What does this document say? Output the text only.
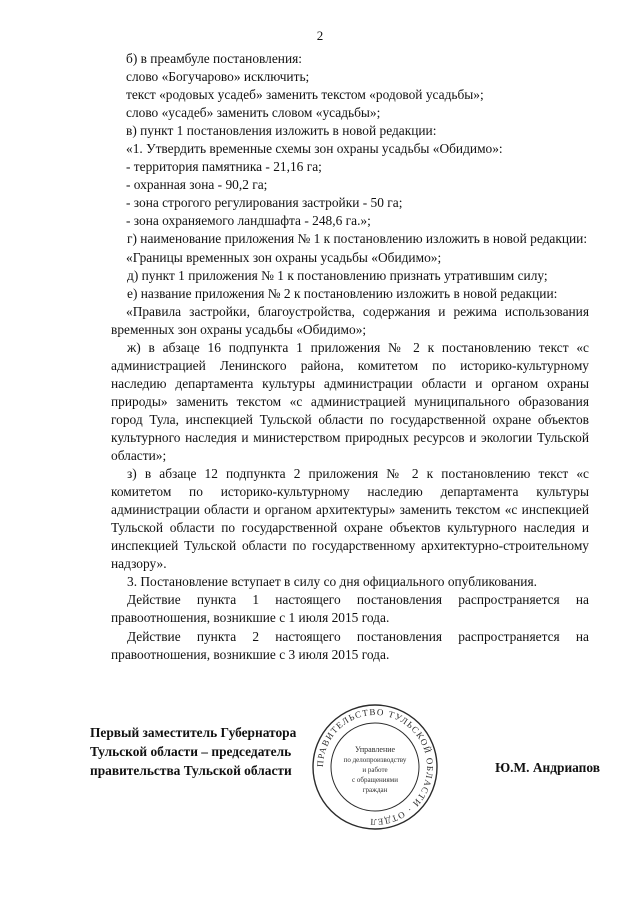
2

б) в преамбуле постановления:

слово «Богучарово» исключить;

текст «родовых усадеб» заменить текстом «родовой усадьбы»;

слово «усадеб» заменить словом «усадьбы»;

в) пункт 1 постановления изложить в новой редакции:

«1. Утвердить временные схемы зон охраны усадьбы «Обидимо»:

- территория памятника - 21,16 га;

- охранная зона - 90,2 га;

- зона строгого регулирования застройки - 50 га;

- зона охраняемого ландшафта - 248,6 га.»;

г) наименование приложения № 1 к постановлению изложить в новой редакции:

«Границы временных зон охраны усадьбы «Обидимо»;

д) пункт 1 приложения № 1 к постановлению признать утратившим силу;

е) название приложения № 2 к постановлению изложить в новой редакции:

«Правила застройки, благоустройства, содержания и режима использования временных зон охраны усадьбы «Обидимо»;

ж) в абзаце 16 подпункта 1 приложения № 2 к постановлению текст «с администрацией Ленинского района, комитетом по историко-культурному наследию департамента культуры администрации области и органом охраны природы» заменить текстом «с администрацией муниципального образования город Тула, инспекцией Тульской области по государственной охране объектов культурного наследия и министерством природных ресурсов и экологии Тульской области»;

з) в абзаце 12 подпункта 2 приложения № 2 к постановлению текст «с комитетом по историко-культурному наследию департамента культуры администрации области и органом архитектуры» заменить текстом «с инспекцией Тульской области по государственной охране объектов культурного наследия и инспекцией Тульской области по государственному архитектурно-строительному надзору».

3. Постановление вступает в силу со дня официального опубликования.

Действие пункта 1 настоящего постановления распространяется на правоотношения, возникшие с 1 июля 2015 года.

Действие пункта 2 настоящего постановления распространяется на правоотношения, возникшие с 3 июля 2015 года.

Первый заместитель Губернатора
Тульской области – председатель
правительства Тульской области	Ю.М. Андриапов
ПРАВИТЕЛЬСТВО ТУЛЬСКОЙ ОБЛАСТИ · ОТДЕЛ
Управление
по делопроизводству
и работе
с обращениями
граждан
